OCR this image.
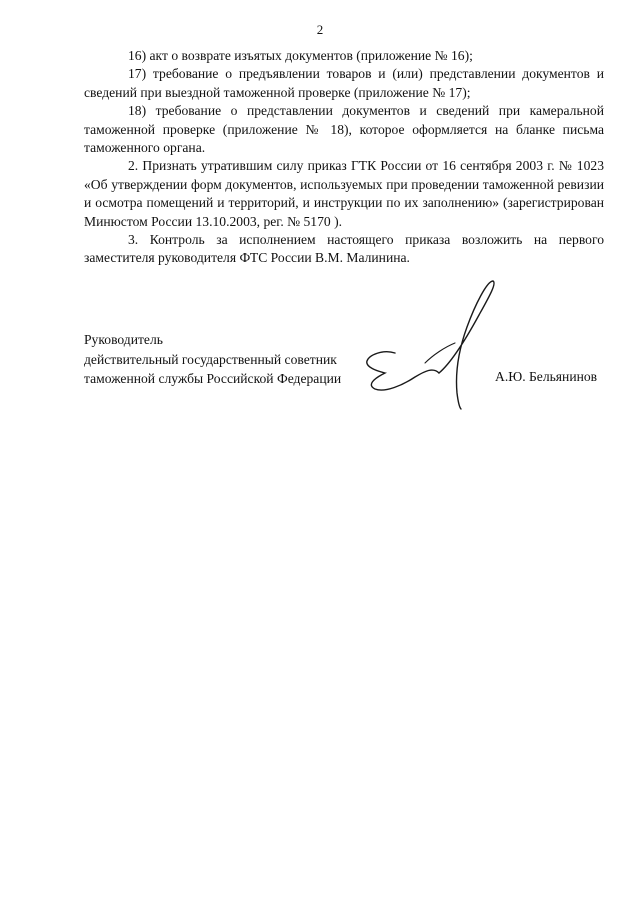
2

16) акт о возврате изъятых документов (приложение № 16);

17) требование о предъявлении товаров и (или) представлении документов и сведений при выездной таможенной проверке (приложение № 17);

18) требование о представлении документов и сведений при камеральной таможенной проверке (приложение № 18), которое оформляется на бланке письма таможенного органа.

2. Признать утратившим силу приказ ГТК России от 16 сентября 2003 г. № 1023 «Об утверждении форм документов, используемых при проведении таможенной ревизии и осмотра помещений и территорий, и инструкции по их заполнению» (зарегистрирован Минюстом России 13.10.2003, рег. № 5170 ).

3. Контроль за исполнением настоящего приказа возложить на первого заместителя руководителя ФТС России В.М. Малинина.

Руководитель
действительный государственный советник
таможенной службы Российской Федерации	А.Ю. Бельянинов
